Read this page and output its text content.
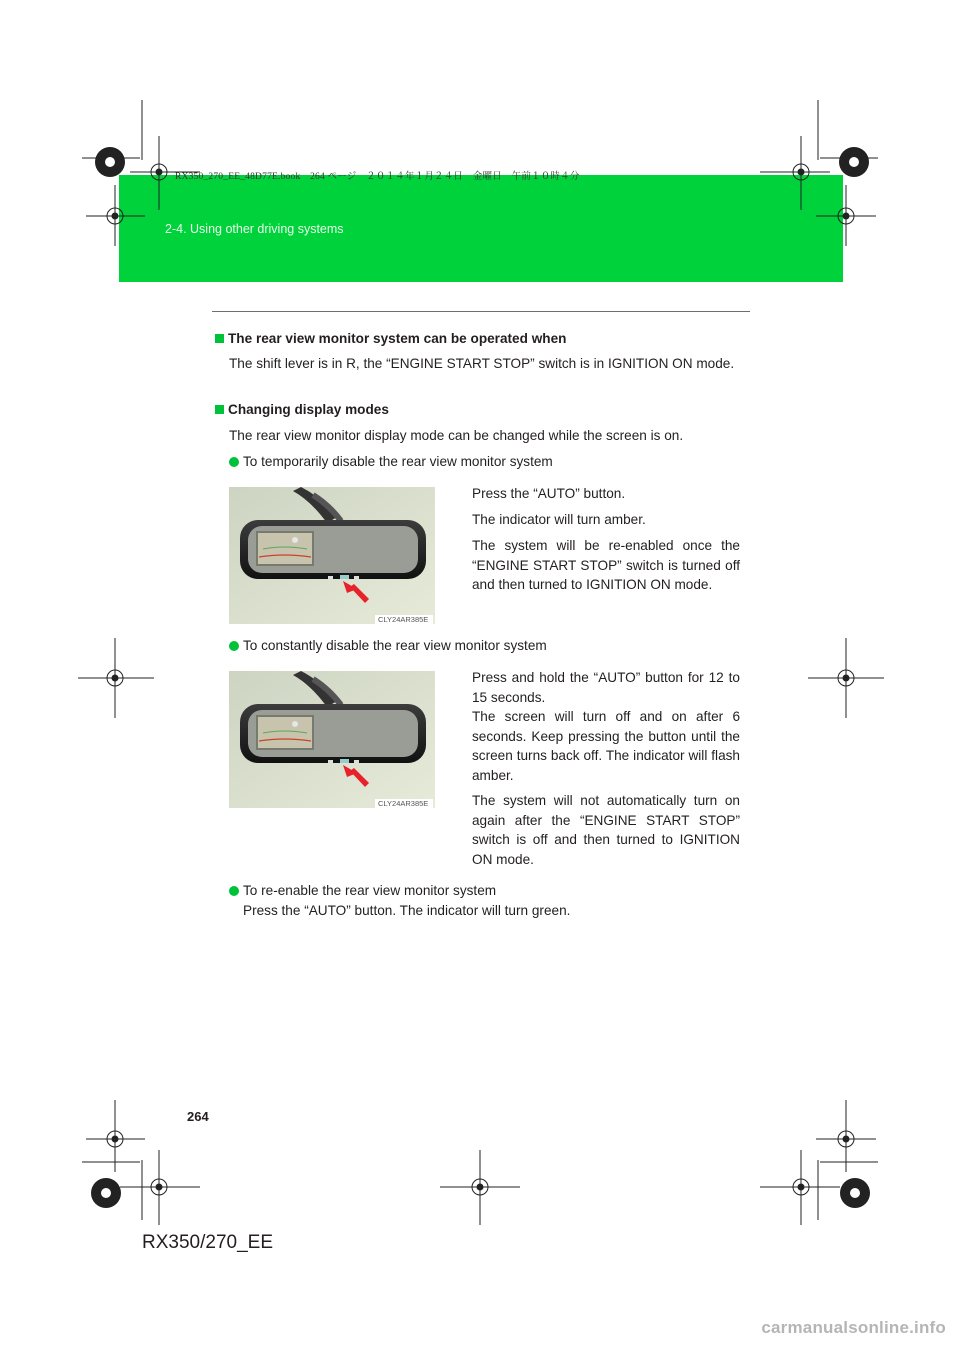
RX350_270_EE_48D77E.book　264 ページ　２０１４年１月２４日　金曜日　午前１０時４分
2-4. Using other driving systems
The rear view monitor system can be operated when
The shift lever is in R, the “ENGINE START STOP” switch is in IGNITION ON mode.
Changing display modes
The rear view monitor display mode can be changed while the screen is on.
To temporarily disable the rear view monitor system
CLY24AR385E
Press the “AUTO” button.
The indicator will turn amber.
The system will be re-enabled once the “ENGINE START STOP” switch is turned off and then turned to IGNITION ON mode.
To constantly disable the rear view monitor system
CLY24AR385E
Press and hold the “AUTO” button for 12 to 15 seconds.
The screen will turn off and on after 6 seconds. Keep pressing the button until the screen turns back off. The indicator will flash amber.
The system will not automatically turn on again after the “ENGINE START STOP” switch is off and then turned to IGNITION ON mode.
To re-enable the rear view monitor system
Press the “AUTO” button. The indicator will turn green.
264
RX350/270_EE
carmanualsonline.info
